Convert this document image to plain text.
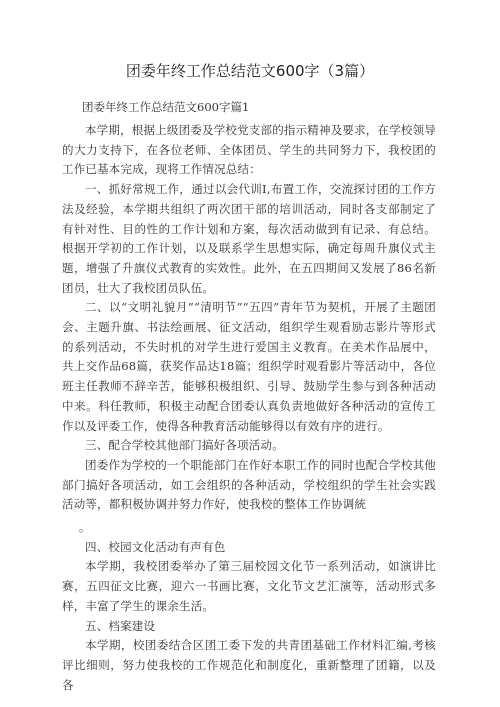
团委年终工作总结范文600字（3篇）
团委年终工作总结范文600字篇1

本学期，根据上级团委及学校党支部的指示精神及要求，在学校领导的大力支持下，在各位老师、全体团员、学生的共同努力下，我校团的工作已基本完成，现将工作情况总结：

一、抓好常规工作，通过以会代训Ⅰ,布置工作，交流探讨团的工作方法及经验，本学期共组织了两次团干部的培训活动，同时各支部制定了有针对性、目的性的工作计划和方案，每次活动做到有记录、有总结。根据开学初的工作计划，以及联系学生思想实际，确定每周升旗仪式主题，增强了升旗仪式教育的实效性。此外，在五四期间又发展了86名新团员，壮大了我校团员队伍。

二、以“文明礼貌月”“清明节”“五四”青年节为契机，开展了主题团会、主题升旗、书法绘画展、征文活动，组织学生观看励志影片等形式的系列活动，不失时机的对学生进行爱国主义教育。在美术作品展中，共上交作品68篇，获奖作品达18篇；组织学时观看影片等活动中，各位班主任教师不辞辛苦，能够积极组织、引导、鼓励学生参与到各种活动中来。科任教师，积极主动配合团委认真负责地做好各种活动的宣传工作以及评委工作，使得各种教育活动能够得以有效有序的进行。

三、配合学校其他部门搞好各项活动。

团委作为学校的一个职能部门在作好本职工作的同时也配合学校其他部门搞好各项活动，如工会组织的各种活动，学校组织的学生社会实践活动等，都积极协调并努力作好，使我校的整体工作协调統

。

四、校园文化活动有声有色

本学期，我校团委举办了第三届校园文化节一系列活动，如演讲比赛，五四征文比赛，迎六一书画比赛，文化节文艺汇演等，活动形式多样，丰富了学生的课余生活。

五、档案建设

本学期，校团委结合区团工委下发的共青团基础工作材料汇编,考核评比细则，努力使我校的工作规范化和制度化，重新整理了团籍，以及各
